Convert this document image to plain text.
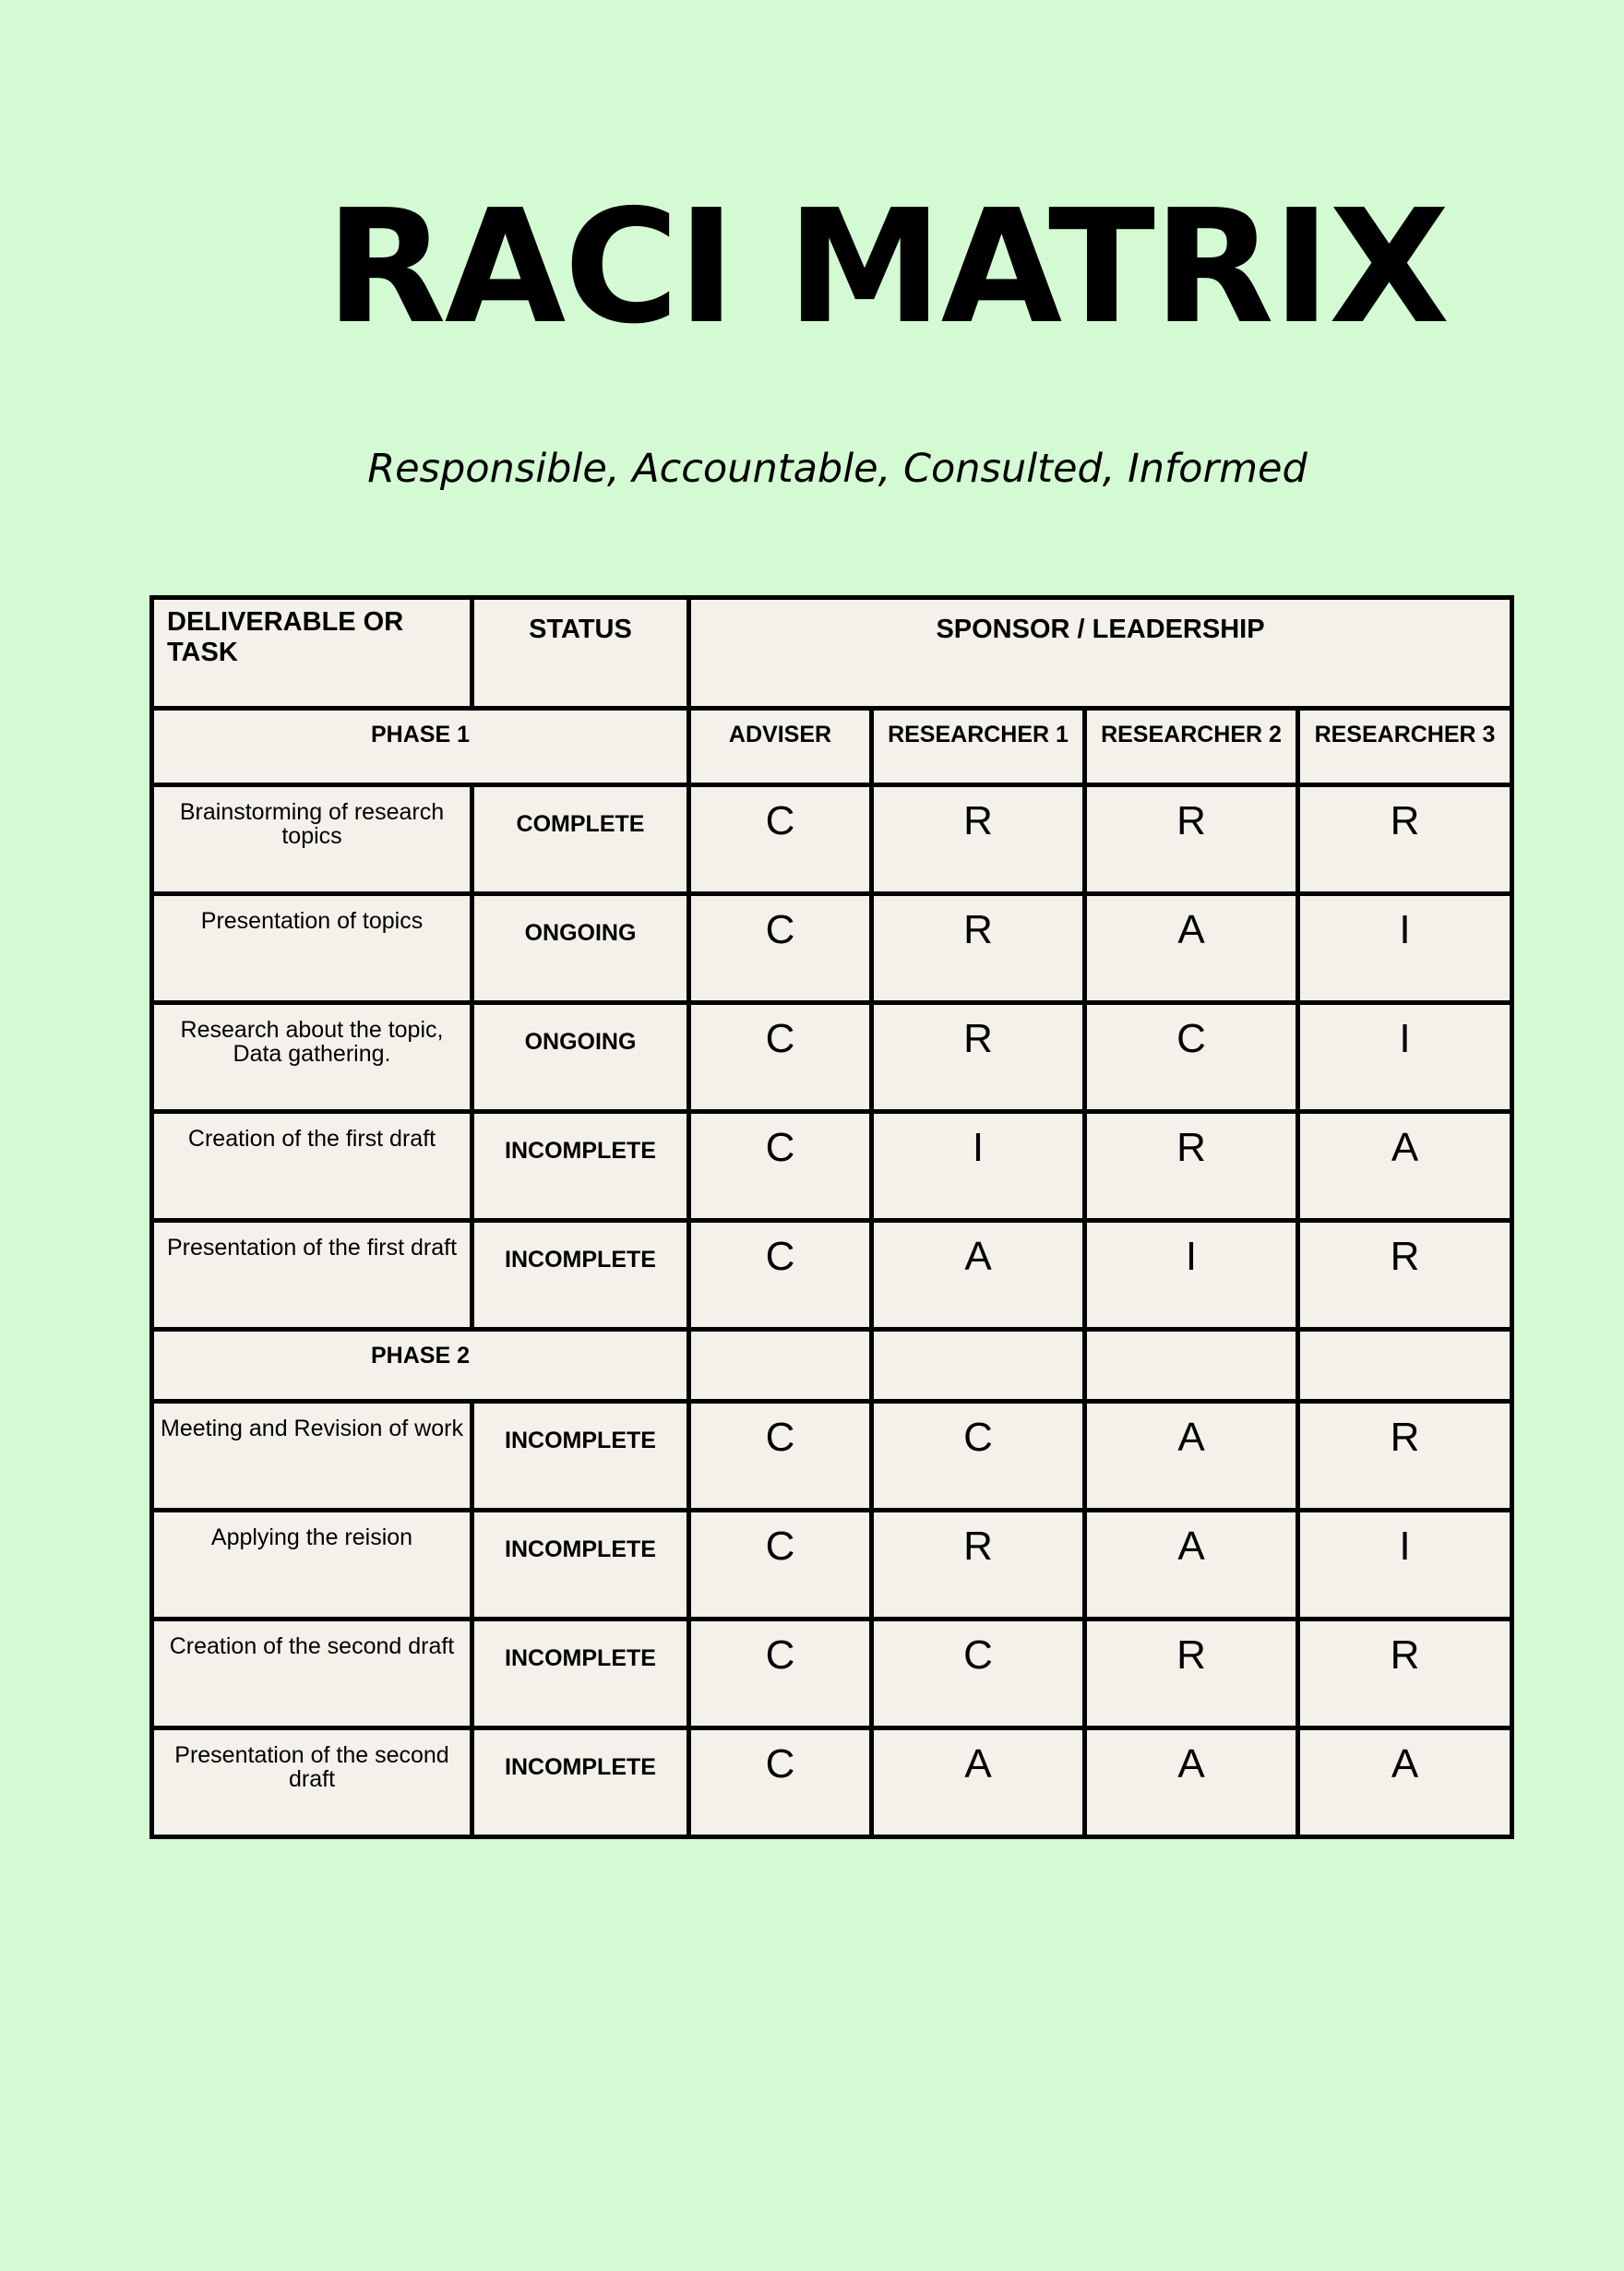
RACI MATRIX
Responsible, Accountable, Consulted, Informed
DELIVERABLE OR TASK	STATUS	SPONSOR / LEADERSHIP			
PHASE 1		ADVISER	RESEARCHER 1	RESEARCHER 2	RESEARCHER 3
Brainstorming of research topics	COMPLETE	C	R	R	R
Presentation of topics	ONGOING	C	R	A	I
Research about the topic, Data gathering.	ONGOING	C	R	C	I
Creation of the first draft	INCOMPLETE	C	I	R	A
Presentation of the first draft	INCOMPLETE	C	A	I	R
PHASE 2					
Meeting and Revision of work	INCOMPLETE	C	C	A	R
Applying the reision	INCOMPLETE	C	R	A	I
Creation of the second draft	INCOMPLETE	C	C	R	R
Presentation of the second draft	INCOMPLETE	C	A	A	A
